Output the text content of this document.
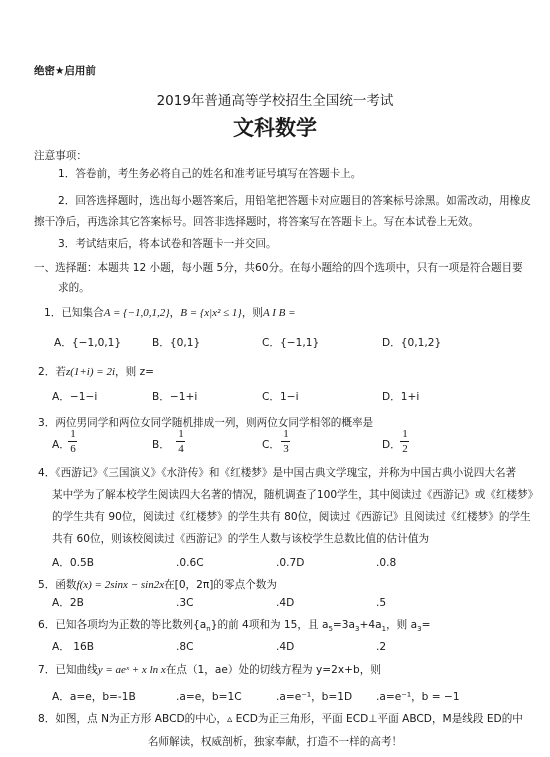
绝密★启用前
2019年普通高等学校招生全国统一考试
文科数学
注意事项：
1．答卷前，考生务必将自己的姓名和准考证号填写在答题卡上。
2．回答选择题时，选出每小题答案后，用铅笔把答题卡对应题目的答案标号涂黑。如需改动，用橡皮
擦干净后，再选涂其它答案标号。回答非选择题时，将答案写在答题卡上。写在本试卷上无效。
3．考试结束后，将本试卷和答题卡一并交回。
一、选择题：本题共 12 小题，每小题 5分，共60分。在每小题给的四个选项中，只有一项是符合题目要
求的。
1．已知集合A = {−1,0,1,2}，B = {x|x² ≤ 1}，则A I B =
A．{−1,0,1}	B．{0,1}	C．{−1,1}	D．{0,1,2}
2．若z(1+i) = 2i，则 z=
A．−1−i	B．−1+i	C．1−i	D．1+i
3．两位男同学和两位女同学随机排成一列，则两位女同学相邻的概率是
A．	B．	C．	D．
1
6
1
4
1
3
1
2
4．《西游记》《三国演义》《水浒传》和《红楼梦》是中国古典文学瑰宝，并称为中国古典小说四大名著
某中学为了解本校学生阅读四大名著的情况，随机调查了100学生，其中阅读过《西游记》或《红楼梦》
的学生共有 90位，阅读过《红楼梦》的学生共有 80位，阅读过《西游记》且阅读过《红楼梦》的学生
共有 60位，则该校阅读过《西游记》的学生人数与该校学生总数比值的估计值为
A．0.5B	.0.6C	.0.7D	.0.8
5．函数f(x) = 2sinx − sin2x在[0，2π]的零点个数为
A．2B	.3C	.4D	.5
6．已知各项均为正数的等比数列$\{a_n\}$的前 4项和为 15，且 $a_5=3a_3+4a_1$，则 $a_3=$
A． 16B	.8C	.4D	.2
7．已知曲线y = aeˣ + x ln x在点（1，ae）处的切线方程为 y=2x+b，则
A．a=e，b=-1B	.a=e，b=1C	.a=e⁻¹，b=1D .a=e⁻¹，b = −1
8．如图，点 N为正方形 ABCD的中心，▵ ECD为正三角形，平面 ECD⊥平面 ABCD，M是线段 ED的中
名师解读，权威剖析，独家奉献，打造不一样的高考！
